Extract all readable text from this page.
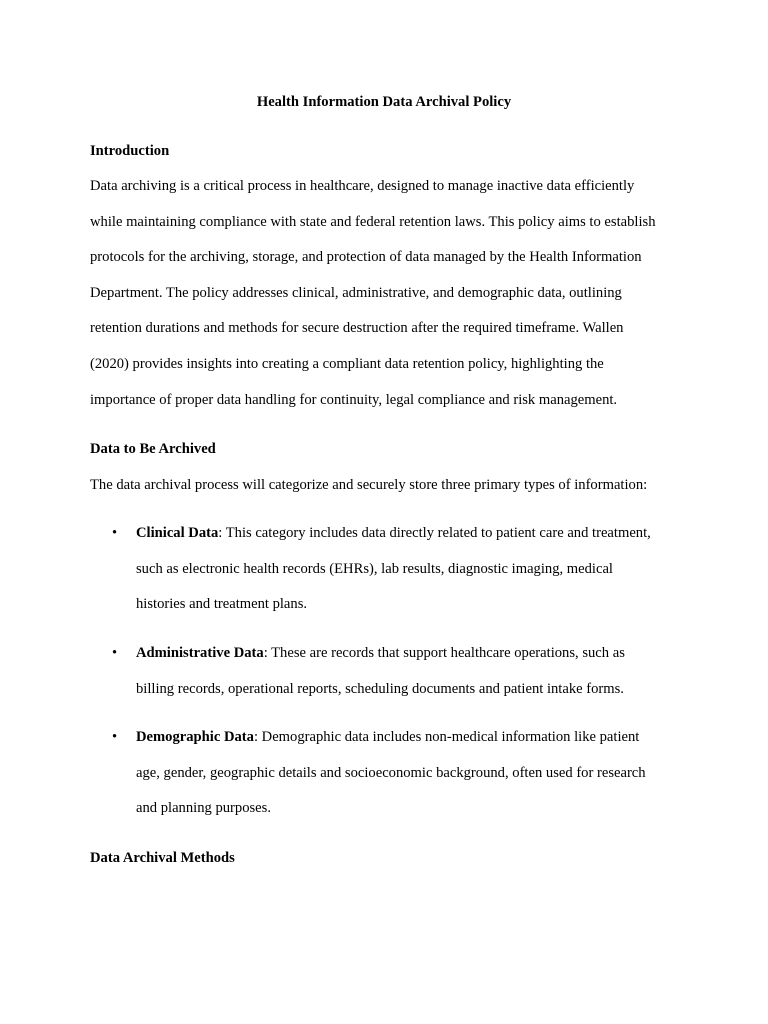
Health Information Data Archival Policy
Introduction
Data archiving is a critical process in healthcare, designed to manage inactive data efficiently
while maintaining compliance with state and federal retention laws. This policy aims to establish
protocols for the archiving, storage, and protection of data managed by the Health Information
Department. The policy addresses clinical, administrative, and demographic data, outlining
retention durations and methods for secure destruction after the required timeframe. Wallen
(2020) provides insights into creating a compliant data retention policy, highlighting the
importance of proper data handling for continuity, legal compliance and risk management.
Data to Be Archived
The data archival process will categorize and securely store three primary types of information:
• Clinical Data: This category includes data directly related to patient care and treatment,
such as electronic health records (EHRs), lab results, diagnostic imaging, medical
histories and treatment plans.
• Administrative Data: These are records that support healthcare operations, such as
billing records, operational reports, scheduling documents and patient intake forms.
• Demographic Data: Demographic data includes non-medical information like patient
age, gender, geographic details and socioeconomic background, often used for research
and planning purposes.
Data Archival Methods
